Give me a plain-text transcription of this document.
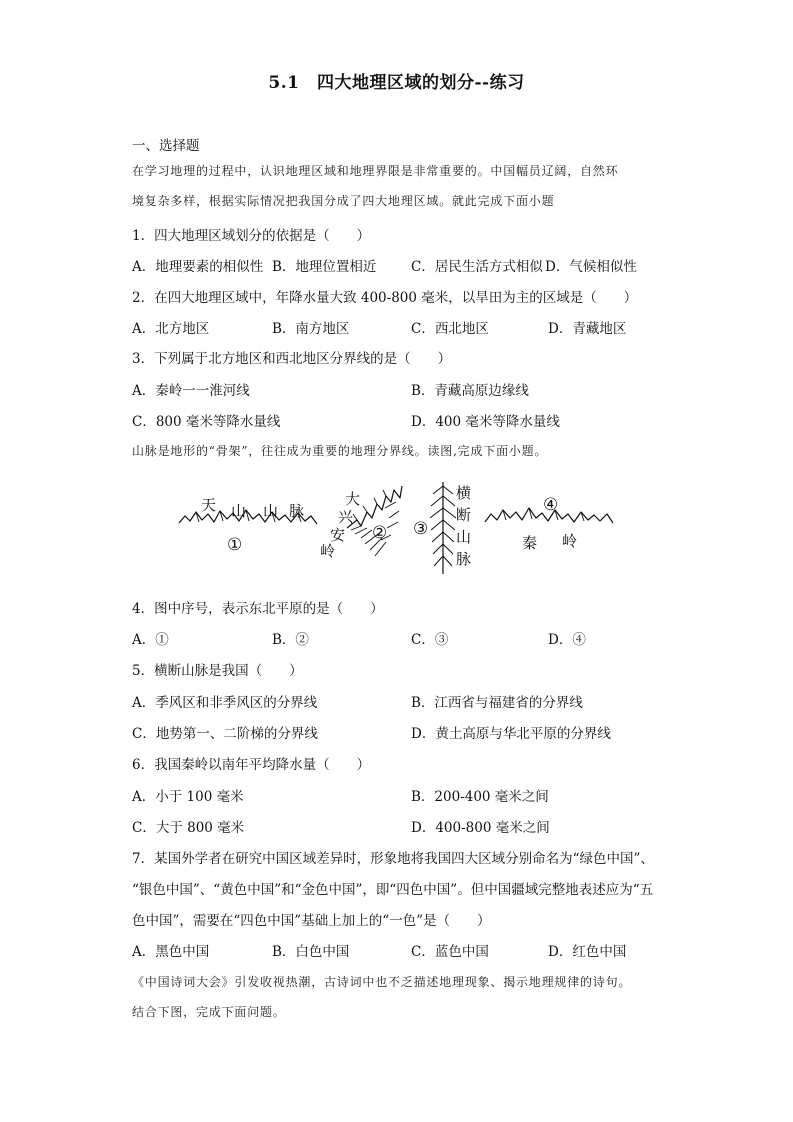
5.1　四大地理区域的划分--练习
一、选择题
在学习地理的过程中，认识地理区域和地理界限是非常重要的。中国幅员辽阔，自然环
境复杂多样，根据实际情况把我国分成了四大地理区域。就此完成下面小题
1．四大地理区域划分的依据是（　　）
A．地理要素的相似性 B．地理位置相近	C．居民生活方式相似 D．气候相似性
2．在四大地理区域中，年降水量大致 400-800 毫米，以旱田为主的区域是（　　）
A．北方地区	B．南方地区	C．西北地区	D．青藏地区
3．下列属于北方地区和西北地区分界线的是（　　）
A．秦岭一一淮河线	B．青藏高原边缘线
C．800 毫米等降水量线	D．400 毫米等降水量线
山脉是地形的“骨架”，往往成为重要的地理分界线。读图,完成下面小题。
天 山 山 脉
①
大
兴
安
岭
② ③
横
断
山
脉
④
秦 岭
4．图中序号，表示东北平原的是（　　）
A．①	B．②	C．③	D．④
5．横断山脉是我国（　　）
A．季风区和非季风区的分界线	B．江西省与福建省的分界线
C．地势第一、二阶梯的分界线	D．黄土高原与华北平原的分界线
6．我国秦岭以南年平均降水量（　　）
A．小于 100 毫米	B．200-400 毫米之间
C．大于 800 毫米	D．400-800 毫米之间
7．某国外学者在研究中国区域差异时，形象地将我国四大区域分别命名为“绿色中国”、
“银色中国”、“黄色中国”和“金色中国”，即“四色中国”。但中国疆域完整地表述应为“五
色中国”，需要在“四色中国”基础上加上的“一色”是（　　）
A．黑色中国	B．白色中国	C．蓝色中国	D．红色中国
《中国诗词大会》引发收视热潮，古诗词中也不乏描述地理现象、揭示地理规律的诗句。
结合下图，完成下面问题。
